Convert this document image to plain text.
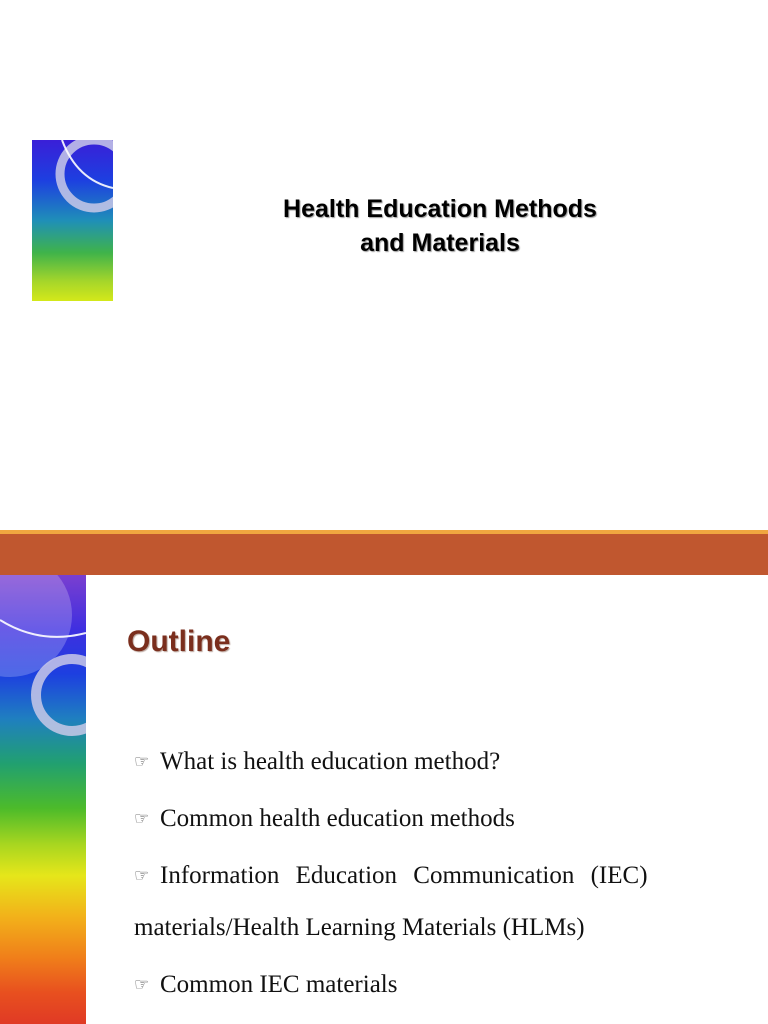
Health Education Methods
and Materials
Outline
☞ What is health education method?
☞ Common health education methods
☞ Information Education Communication (IEC)
materials/Health Learning Materials (HLMs)
☞ Common IEC materials
